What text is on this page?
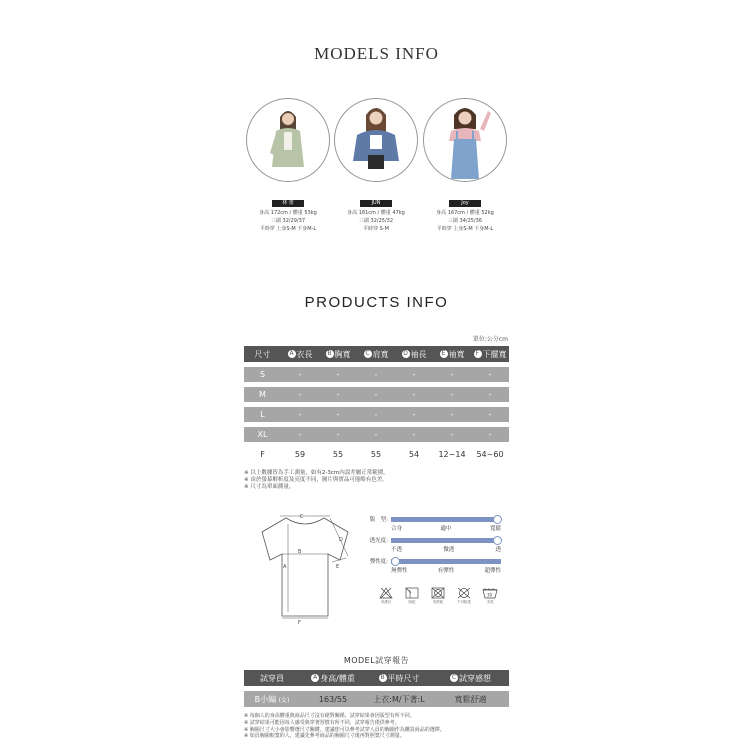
MODELS INFO
林 蕾
身高 172cm / 體重 53kg
三圍 32/29/37
平時穿 上身S-M 下身M-L
JUN
身高 161cm / 體重 47kg
三圍 32/25/32
平時穿 S-M
Joy
身高 167cm / 體重 52kg
三圍 34/25/36
平時穿 上身S-M 下身M-L
PRODUCTS INFO
單位:公分cm
尺寸	A 衣長	B 胸寬	C 肩寬	D 袖長	E 袖寬	F 下擺寬
S	-	-	-	-	-	-
M	-	-	-	-	-	-
L	-	-	-	-	-	-
XL	-	-	-	-	-	-
F	59	55	55	54	12~14	54~60
※ 以上數據皆為手工測量，如有2-3cm內誤差屬正常範圍。
※ 由於螢幕解析度及亮度不同，圖片與實品可能略有色差。
※ 尺寸為單面測量。
C
B
A
D
E
F
版　型:
合身	適中	寬鬆
透光度:
不透	微透	透
彈性度:
無彈性	有彈性	超彈性
勿漂白	陰乾	勿烘乾	不可乾洗
30
手洗
MODEL試穿報告
試穿員	A 身高/體重	B 平時尺寸	C 試穿感想
B小編 (女)	163/55	上衣:M/下著:L	寬鬆舒適
※ 每個人的身高體重與商品尺寸沒有絕對關係，試穿結果會因版型有所不同。
※ 試穿結果可能因每人感受與穿著習慣有所不同，試穿報告僅供參考。
※ 胸圍尺寸大小會影響選尺寸關鍵，建議您可以參考試穿人員的胸圍作為購買商品的選擇。
※ 如員胸圍較寬的人，建議先參考商品的胸圍尺寸後再對照寬尺寸測量。
